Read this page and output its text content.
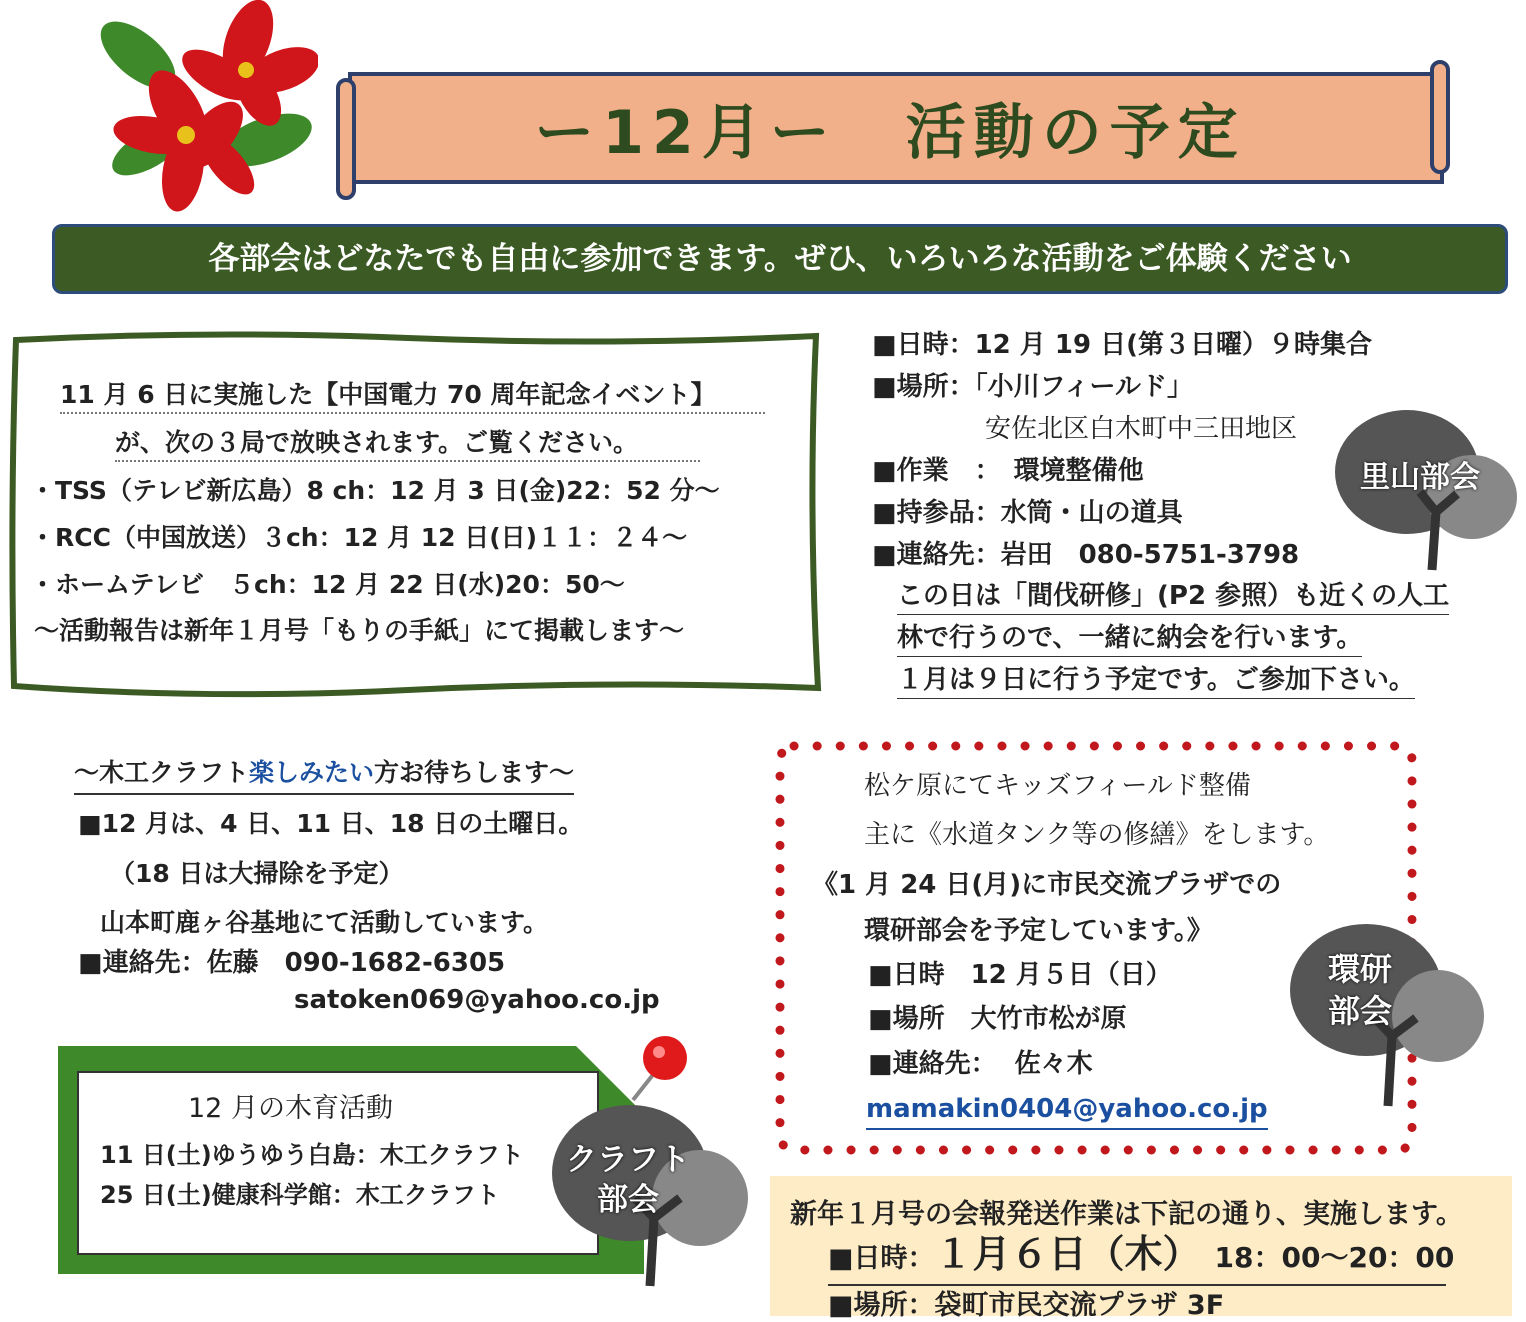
ー12月ー　活動の予定
各部会はどなたでも自由に参加できます。ぜひ、いろいろな活動をご体験ください
11 月 6 日に実施した【中国電力 70 周年記念イベント】
が、次の３局で放映されます。ご覧ください。
・TSS（テレビ新広島）8 ch：12 月 3 日(金)22：52 分～
・RCC（中国放送）３ch：12 月 12 日(日)１１：２４～
・ホームテレビ　５ch：12 月 22 日(水)20：50～
～活動報告は新年１月号「もりの手紙」にて掲載します～
■日時：12 月 19 日(第３日曜）９時集合
■場所：「小川フィールド」
安佐北区白木町中三田地区
■作業　：　環境整備他
■持参品：水筒・山の道具
■連絡先：岩田　080-5751-3798
この日は「間伐研修」(P2 参照）も近くの人工
林で行うので、一緒に納会を行います。
１月は９日に行う予定です。ご参加下さい。
里山部会
～木工クラフト楽しみたい方お待ちします～
■12 月は、4 日、11 日、18 日の土曜日。
（18 日は大掃除を予定）
山本町鹿ヶ谷基地にて活動しています。
■連絡先：佐藤　090-1682-6305
satoken069@yahoo.co.jp
12 月の木育活動
11 日(土)ゆうゆう白島：木工クラフト
25 日(土)健康科学館：木工クラフト
クラフト
部会
松ケ原にてキッズフィールド整備
主に《水道タンク等の修繕》をします。
《1 月 24 日(月)に市民交流プラザでの
環研部会を予定しています。》
■日時　12 月５日（日）
■場所　大竹市松が原
■連絡先：  佐々木
mamakin0404@yahoo.co.jp
環研
部会
新年１月号の会報発送作業は下記の通り、実施します。
■日時：１月６日（木） 18：00～20：00
■場所：袋町市民交流プラザ 3F
